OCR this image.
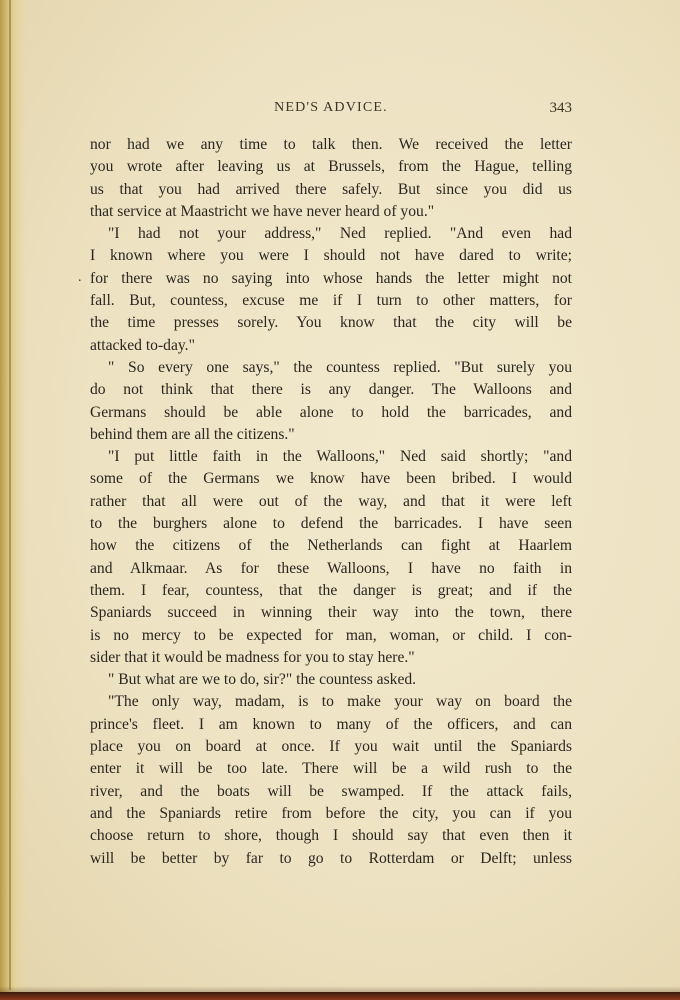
NED'S ADVICE.	343
.
nor had we any time to talk then. We received the letter
you wrote after leaving us at Brussels, from the Hague, telling
us that you had arrived there safely. But since you did us
that service at Maastricht we have never heard of you."
"I had not your address," Ned replied. "And even had
I known where you were I should not have dared to write;
for there was no saying into whose hands the letter might not
fall. But, countess, excuse me if I turn to other matters, for
the time presses sorely. You know that the city will be
attacked to-day."
" So every one says," the countess replied. "But surely you
do not think that there is any danger. The Walloons and
Germans should be able alone to hold the barricades, and
behind them are all the citizens."
"I put little faith in the Walloons," Ned said shortly; "and
some of the Germans we know have been bribed. I would
rather that all were out of the way, and that it were left
to the burghers alone to defend the barricades. I have seen
how the citizens of the Netherlands can fight at Haarlem
and Alkmaar. As for these Walloons, I have no faith in
them. I fear, countess, that the danger is great; and if the
Spaniards succeed in winning their way into the town, there
is no mercy to be expected for man, woman, or child. I con-
sider that it would be madness for you to stay here."
" But what are we to do, sir?" the countess asked.
"The only way, madam, is to make your way on board the
prince's fleet. I am known to many of the officers, and can
place you on board at once. If you wait until the Spaniards
enter it will be too late. There will be a wild rush to the
river, and the boats will be swamped. If the attack fails,
and the Spaniards retire from before the city, you can if you
choose return to shore, though I should say that even then it
will be better by far to go to Rotterdam or Delft; unless
